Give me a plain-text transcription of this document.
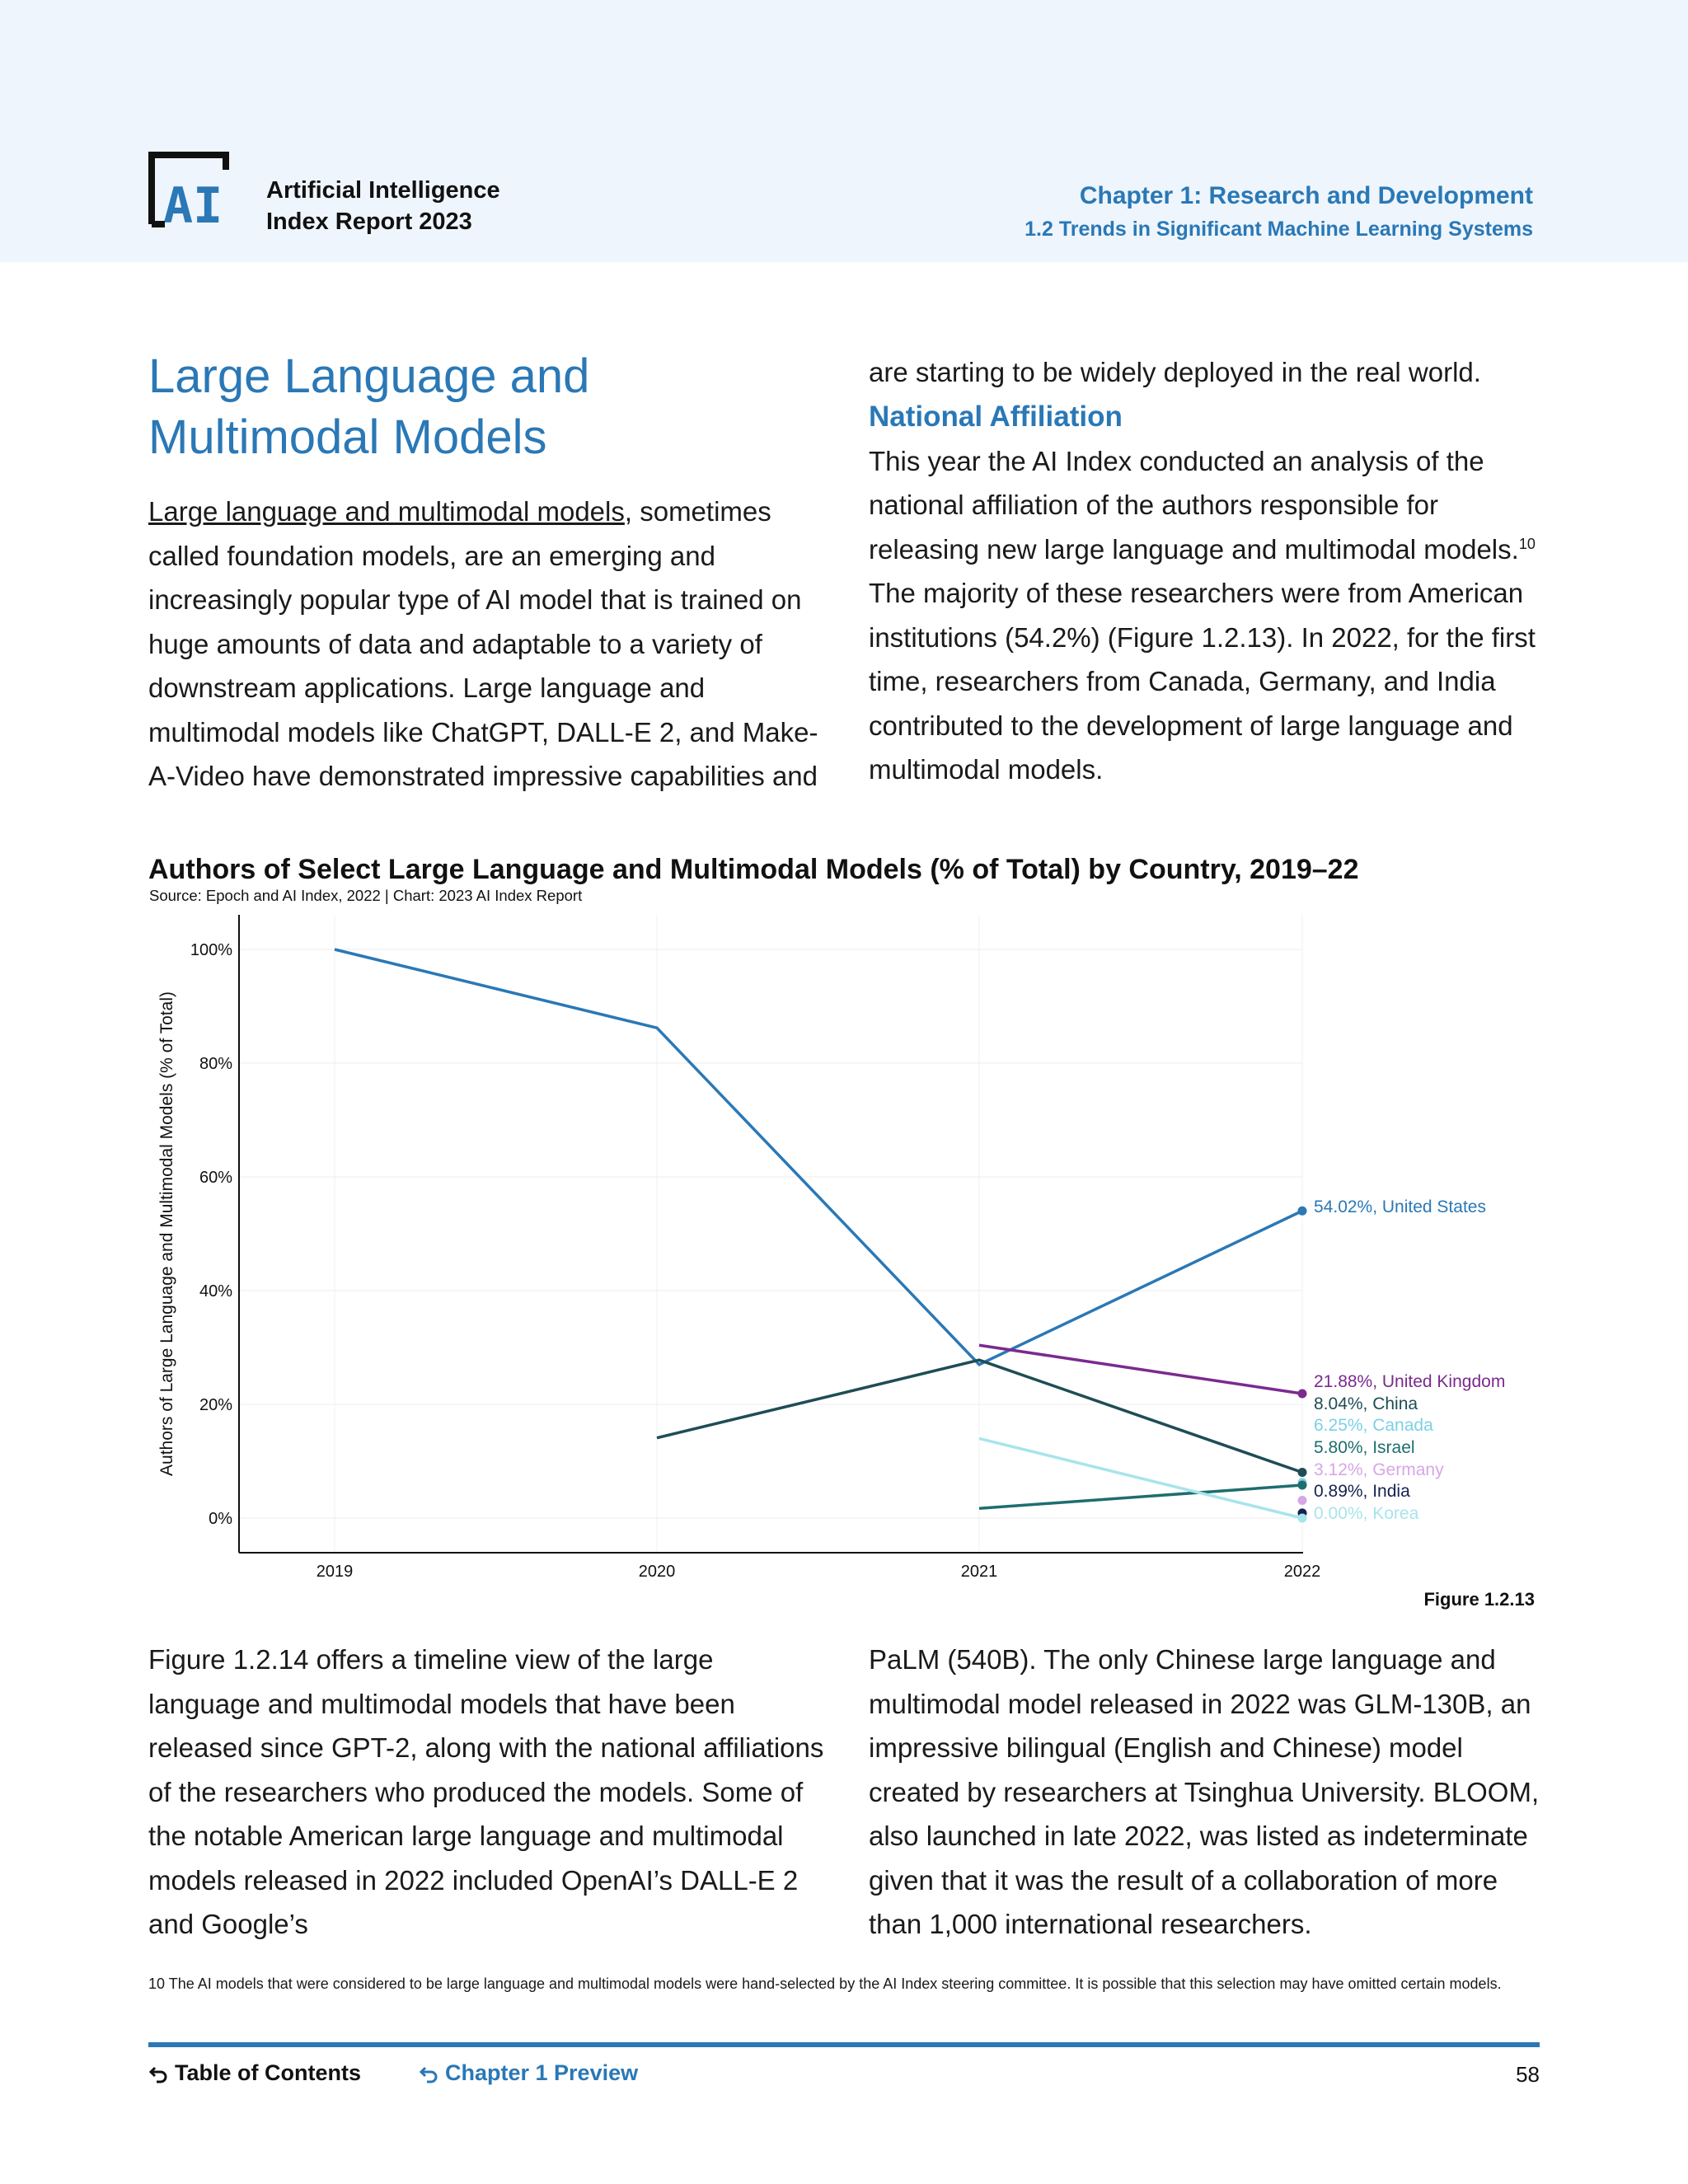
AI Artificial Intelligence
Index Report 2023
Chapter 1: Research and Development
1.2 Trends in Significant Machine Learning Systems
Large Language and
Multimodal Models

Large language and multimodal models, sometimes called foundation models, are an emerging and increasingly popular type of AI model that is trained on huge amounts of data and adaptable to a variety of downstream applications. Large language and multimodal models like ChatGPT, DALL-E 2, and Make-A-Video have demonstrated impressive capabilities and

are starting to be widely deployed in the real world.

National Affiliation

This year the AI Index conducted an analysis of the national affiliation of the authors responsible for releasing new large language and multimodal models.$^{10}$ The majority of these researchers were from American institutions (54.2%) (Figure 1.2.13). In 2022, for the first time, researchers from Canada, Germany, and India contributed to the development of large language and multimodal models.

Authors of Select Large Language and Multimodal Models (% of Total) by Country, 2019–22
Source: Epoch and AI Index, 2022 | Chart: 2023 AI Index Report
0%
20%
40%
60%
80%
100%
2019	2020	2021	2022
Authors of Large Language and Multimodal Models (% of Total)	54.02%, United States
21.88%, United Kingdom
8.04%, China
6.25%, Canada
5.80%, Israel
3.12%, Germany
0.89%, India
0.00%, Korea
Figure 1.2.13

Figure 1.2.14 offers a timeline view of the large language and multimodal models that have been released since GPT-2, along with the national affiliations of the researchers who produced the models. Some of the notable American large language and multimodal models released in 2022 included OpenAI’s DALL-E 2 and Google’s

PaLM (540B). The only Chinese large language and multimodal model released in 2022 was GLM-130B, an impressive bilingual (English and Chinese) model created by researchers at Tsinghua University. BLOOM, also launched in late 2022, was listed as indeterminate given that it was the result of a collaboration of more than 1,000 international researchers.

10 The AI models that were considered to be large language and multimodal models were hand-selected by the AI Index steering committee. It is possible that this selection may have omitted certain models.
Table of Contents	Chapter 1 Preview	58
